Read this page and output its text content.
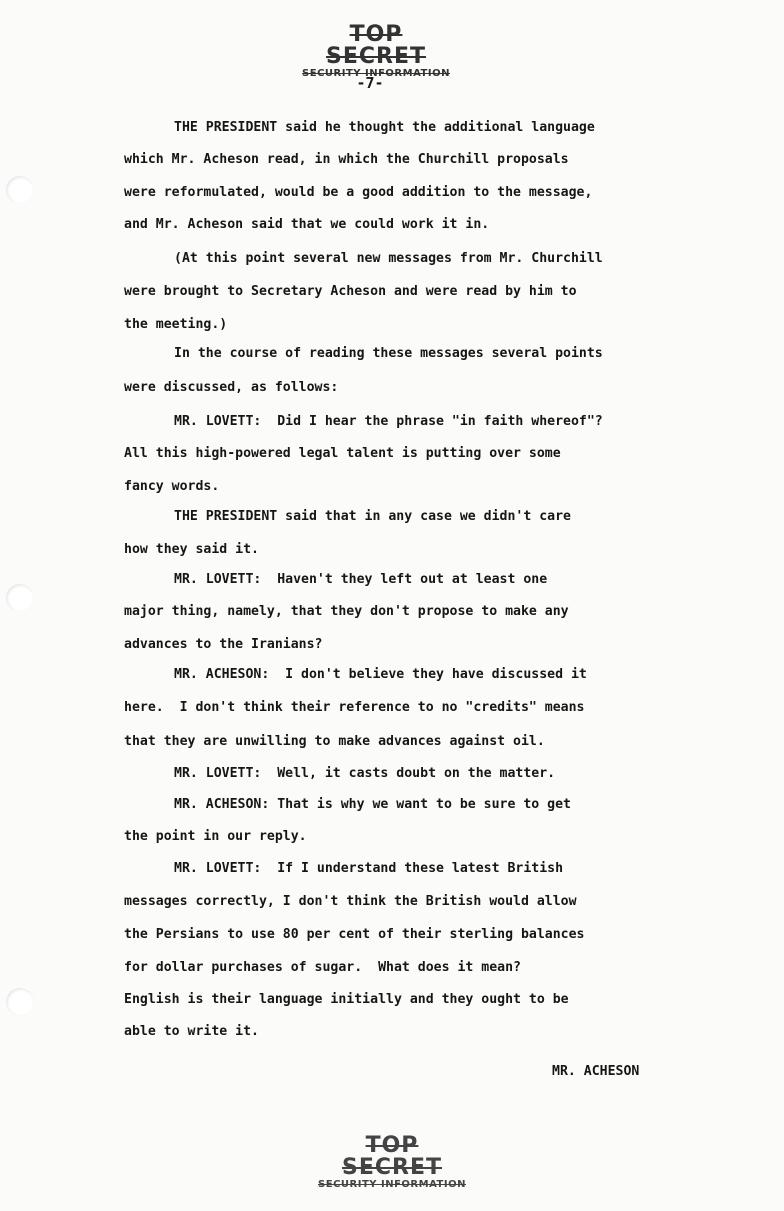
TOP SECRET
SECURITY INFORMATION
-7-
THE PRESIDENT said he thought the additional language
which Mr. Acheson read, in which the Churchill proposals
were reformulated, would be a good addition to the message,
and Mr. Acheson said that we could work it in.
(At this point several new messages from Mr. Churchill
were brought to Secretary Acheson and were read by him to
the meeting.)
In the course of reading these messages several points
were discussed, as follows:
MR. LOVETT:  Did I hear the phrase "in faith whereof"?
All this high-powered legal talent is putting over some
fancy words.
THE PRESIDENT said that in any case we didn't care
how they said it.
MR. LOVETT:  Haven't they left out at least one
major thing, namely, that they don't propose to make any
advances to the Iranians?
MR. ACHESON:  I don't believe they have discussed it
here.  I don't think their reference to no "credits" means
that they are unwilling to make advances against oil.
MR. LOVETT:  Well, it casts doubt on the matter.
MR. ACHESON: That is why we want to be sure to get
the point in our reply.
MR. LOVETT:  If I understand these latest British
messages correctly, I don't think the British would allow
the Persians to use 80 per cent of their sterling balances
for dollar purchases of sugar.  What does it mean?
English is their language initially and they ought to be
able to write it.
MR. ACHESON
TOP SECRET
SECURITY INFORMATION
